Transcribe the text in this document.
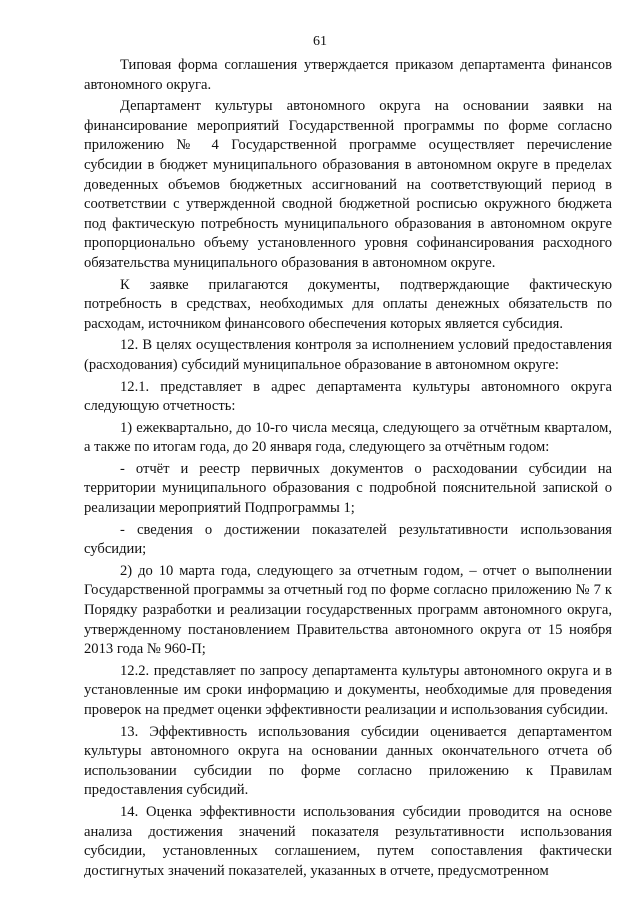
61

Типовая форма соглашения утверждается приказом департамента финансов автономного округа.

Департамент культуры автономного округа на основании заявки на финансирование мероприятий Государственной программы по форме согласно приложению № 4 Государственной программе осуществляет перечисление субсидии в бюджет муниципального образования в автономном округе в пределах доведенных объемов бюджетных ассигнований на соответствующий период в соответствии с утвержденной сводной бюджетной росписью окружного бюджета под фактическую потребность муниципального образования в автономном округе пропорционально объему установленного уровня софинансирования расходного обязательства муниципального образования в автономном округе.

К заявке прилагаются документы, подтверждающие фактическую потребность в средствах, необходимых для оплаты денежных обязательств по расходам, источником финансового обеспечения которых является субсидия.

12. В целях осуществления контроля за исполнением условий предоставления (расходования) субсидий муниципальное образование в автономном округе:

12.1. представляет в адрес департамента культуры автономного округа следующую отчетность:

1) ежеквартально, до 10-го числа месяца, следующего за отчётным кварталом, а также по итогам года, до 20 января года, следующего за отчётным годом:

- отчёт и реестр первичных документов о расходовании субсидии на территории муниципального образования с подробной пояснительной запиской о реализации мероприятий Подпрограммы 1;

- сведения о достижении показателей результативности использования субсидии;

2) до 10 марта года, следующего за отчетным годом, – отчет о выполнении Государственной программы за отчетный год по форме согласно приложению № 7 к Порядку разработки и реализации государственных программ автономного округа, утвержденному постановлением Правительства автономного округа от 15 ноября 2013 года № 960-П;

12.2. представляет по запросу департамента культуры автономного округа и в установленные им сроки информацию и документы, необходимые для проведения проверок на предмет оценки эффективности реализации и использования субсидии.

13. Эффективность использования субсидии оценивается департаментом культуры автономного округа на основании данных окончательного отчета об использовании субсидии по форме согласно приложению к Правилам предоставления субсидий.

14. Оценка эффективности использования субсидии проводится на основе анализа достижения значений показателя результативности использования субсидии, установленных соглашением, путем сопоставления фактически достигнутых значений показателей, указанных в отчете, предусмотренном
